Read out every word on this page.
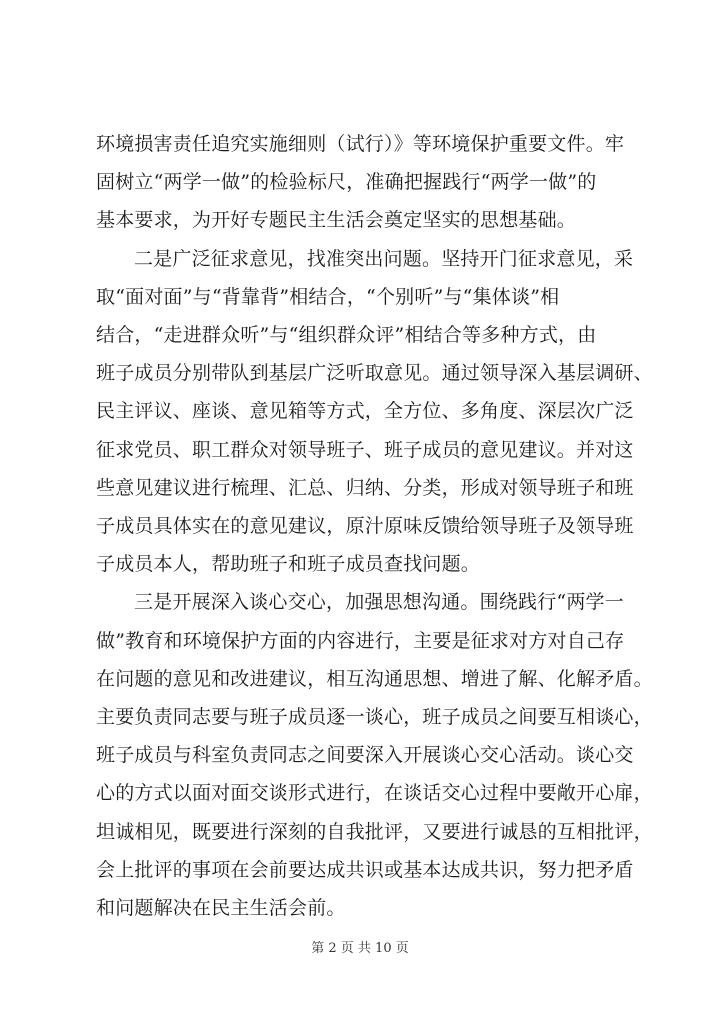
环境损害责任追究实施细则（试行）》等环境保护重要文件。牢
固树立“两学一做”的检验标尺，准确把握践行“两学一做”的
基本要求，为开好专题民主生活会奠定坚实的思想基础。
二是广泛征求意见，找准突出问题。坚持开门征求意见，采
取“面对面”与“背靠背”相结合，“个别听”与“集体谈”相
结合，“走进群众听”与“组织群众评”相结合等多种方式，由
班子成员分别带队到基层广泛听取意见。通过领导深入基层调研、
民主评议、座谈、意见箱等方式，全方位、多角度、深层次广泛
征求党员、职工群众对领导班子、班子成员的意见建议。并对这
些意见建议进行梳理、汇总、归纳、分类，形成对领导班子和班
子成员具体实在的意见建议，原汁原味反馈给领导班子及领导班
子成员本人，帮助班子和班子成员查找问题。
三是开展深入谈心交心，加强思想沟通。围绕践行“两学一
做”教育和环境保护方面的内容进行，主要是征求对方对自己存
在问题的意见和改进建议，相互沟通思想、增进了解、化解矛盾。
主要负责同志要与班子成员逐一谈心，班子成员之间要互相谈心，
班子成员与科室负责同志之间要深入开展谈心交心活动。谈心交
心的方式以面对面交谈形式进行，在谈话交心过程中要敞开心扉，
坦诚相见，既要进行深刻的自我批评，又要进行诚恳的互相批评，
会上批评的事项在会前要达成共识或基本达成共识，努力把矛盾
和问题解决在民主生活会前。
第 2 页 共 10 页
